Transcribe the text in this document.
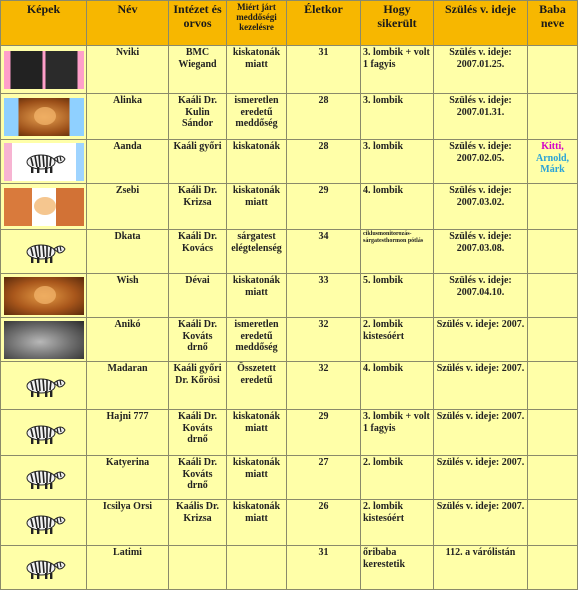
Képek	Név	Intézet és orvos	Miért járt meddőségi kezelésre	Életkor	Hogy sikerült	Szülés v. ideje	Baba neve
	Nviki	BMC Wiegand	kiskatonák miatt	31	3. lombik + volt 1 fagyis	Szülés v. ideje: 2007.01.25.	

	Alinka	Kaáli Dr. Kulin Sándor	ismeretlen eredetű meddőség	28	3. lombik	Szülés v. ideje: 2007.01.31.	

	Aanda	Kaáli győri	kiskatonák	28	3. lombik	Szülés v. ideje: 2007.02.05.	Kitti,
Arnold,
Márk

	Zsebi	Kaáli Dr. Krizsa	kiskatonák miatt	29	4. lombik	Szülés v. ideje: 2007.03.02.	

	Dkata	Kaáli Dr. Kovács	sárgatest elégtelenség	34	ciklusmonitorozás-sárgatesthormon pótlás	Szülés v. ideje: 2007.03.08.	

	Wish	Dévai	kiskatonák miatt	33	5. lombik	Szülés v. ideje: 2007.04.10.	
	Anikó	Kaáli Dr. Kováts drnő	ismeretlen eredetű meddőség	32	2. lombik kistesóért	Szülés v. ideje: 2007.	

	Madaran	Kaáli győri Dr. Kőrösi	Összetett eredetű	32	4. lombik	Szülés v. ideje: 2007.	

	Hajni 777	Kaáli Dr. Kováts drnő	kiskatonák miatt	29	3. lombik + volt 1 fagyis	Szülés v. ideje: 2007.	

	Katyerina	Kaáli Dr. Kováts drnő	kiskatonák miatt	27	2. lombik	Szülés v. ideje: 2007.	

	Icsilya Orsi	Kaális Dr. Krizsa	kiskatonák miatt	26	2. lombik kistesóért	Szülés v. ideje: 2007.	

	Latimi			31	őribaba kerestetik	112. a várólistán	
